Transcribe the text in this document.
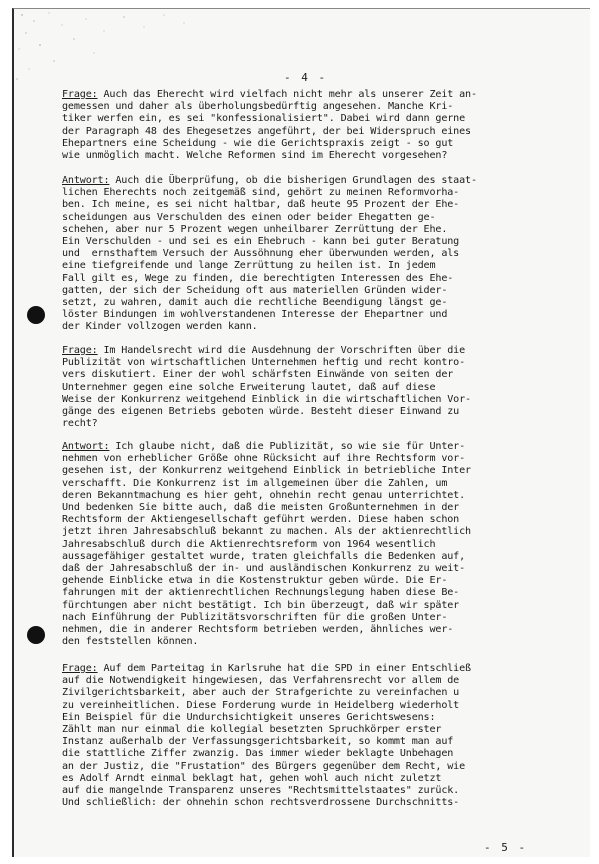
- 4 -

Frage: Auch das Eherecht wird vielfach nicht mehr als unserer Zeit an-

gemessen und daher als überholungsbedürftig angesehen. Manche Kri-

tiker werfen ein, es sei "konfessionalisiert". Dabei wird dann gerne

der Paragraph 48 des Ehegesetzes angeführt, der bei Widerspruch eines

Ehepartners eine Scheidung - wie die Gerichtspraxis zeigt - so gut

wie unmöglich macht. Welche Reformen sind im Eherecht vorgesehen?

Antwort: Auch die Überprüfung, ob die bisherigen Grundlagen des staat-

lichen Eherechts noch zeitgemäß sind, gehört zu meinen Reformvorha-

ben. Ich meine, es sei nicht haltbar, daß heute 95 Prozent der Ehe-

scheidungen aus Verschulden des einen oder beider Ehegatten ge-

schehen, aber nur 5 Prozent wegen unheilbarer Zerrüttung der Ehe.

Ein Verschulden - und sei es ein Ehebruch - kann bei guter Beratung

und  ernsthaftem Versuch der Aussöhnung eher überwunden werden, als

eine tiefgreifende und lange Zerrüttung zu heilen ist. In jedem

Fall gilt es, Wege zu finden, die berechtigten Interessen des Ehe-

gatten, der sich der Scheidung oft aus materiellen Gründen wider-

setzt, zu wahren, damit auch die rechtliche Beendigung längst ge-

löster Bindungen im wohlverstandenen Interesse der Ehepartner und

der Kinder vollzogen werden kann.

Frage: Im Handelsrecht wird die Ausdehnung der Vorschriften über die

Publizität von wirtschaftlichen Unternehmen heftig und recht kontro-

vers diskutiert. Einer der wohl schärfsten Einwände von seiten der

Unternehmer gegen eine solche Erweiterung lautet, daß auf diese

Weise der Konkurrenz weitgehend Einblick in die wirtschaftlichen Vor-

gänge des eigenen Betriebs geboten würde. Besteht dieser Einwand zu

recht?

Antwort: Ich glaube nicht, daß die Publizität, so wie sie für Unter-

nehmen von erheblicher Größe ohne Rücksicht auf ihre Rechtsform vor-

gesehen ist, der Konkurrenz weitgehend Einblick in betriebliche Inter

verschafft. Die Konkurrenz ist im allgemeinen über die Zahlen, um

deren Bekanntmachung es hier geht, ohnehin recht genau unterrichtet.

Und bedenken Sie bitte auch, daß die meisten Großunternehmen in der

Rechtsform der Aktiengesellschaft geführt werden. Diese haben schon

jetzt ihren Jahresabschluß bekannt zu machen. Als der aktienrechtlich

Jahresabschluß durch die Aktienrechtsreform von 1964 wesentlich

aussagefähiger gestaltet wurde, traten gleichfalls die Bedenken auf,

daß der Jahresabschluß der in- und ausländischen Konkurrenz zu weit-

gehende Einblicke etwa in die Kostenstruktur geben würde. Die Er-

fahrungen mit der aktienrechtlichen Rechnungslegung haben diese Be-

fürchtungen aber nicht bestätigt. Ich bin überzeugt, daß wir später

nach Einführung der Publizitätsvorschriften für die großen Unter-

nehmen, die in anderer Rechtsform betrieben werden, ähnliches wer-

den feststellen können.

Frage: Auf dem Parteitag in Karlsruhe hat die SPD in einer Entschließ

auf die Notwendigkeit hingewiesen, das Verfahrensrecht vor allem de

Zivilgerichtsbarkeit, aber auch der Strafgerichte zu vereinfachen u

zu vereinheitlichen. Diese Forderung wurde in Heidelberg wiederholt

Ein Beispiel für die Undurchsichtigkeit unseres Gerichtswesens:

Zählt man nur einmal die kollegial besetzten Spruchkörper erster

Instanz außerhalb der Verfassungsgerichtsbarkeit, so kommt man auf

die stattliche Ziffer zwanzig. Das immer wieder beklagte Unbehagen

an der Justiz, die "Frustation" des Bürgers gegenüber dem Recht, wie

es Adolf Arndt einmal beklagt hat, gehen wohl auch nicht zuletzt

auf die mangelnde Transparenz unseres "Rechtsmittelstaates" zurück.

Und schließlich: der ohnehin schon rechtsverdrossene Durchschnitts-

- 5 -
